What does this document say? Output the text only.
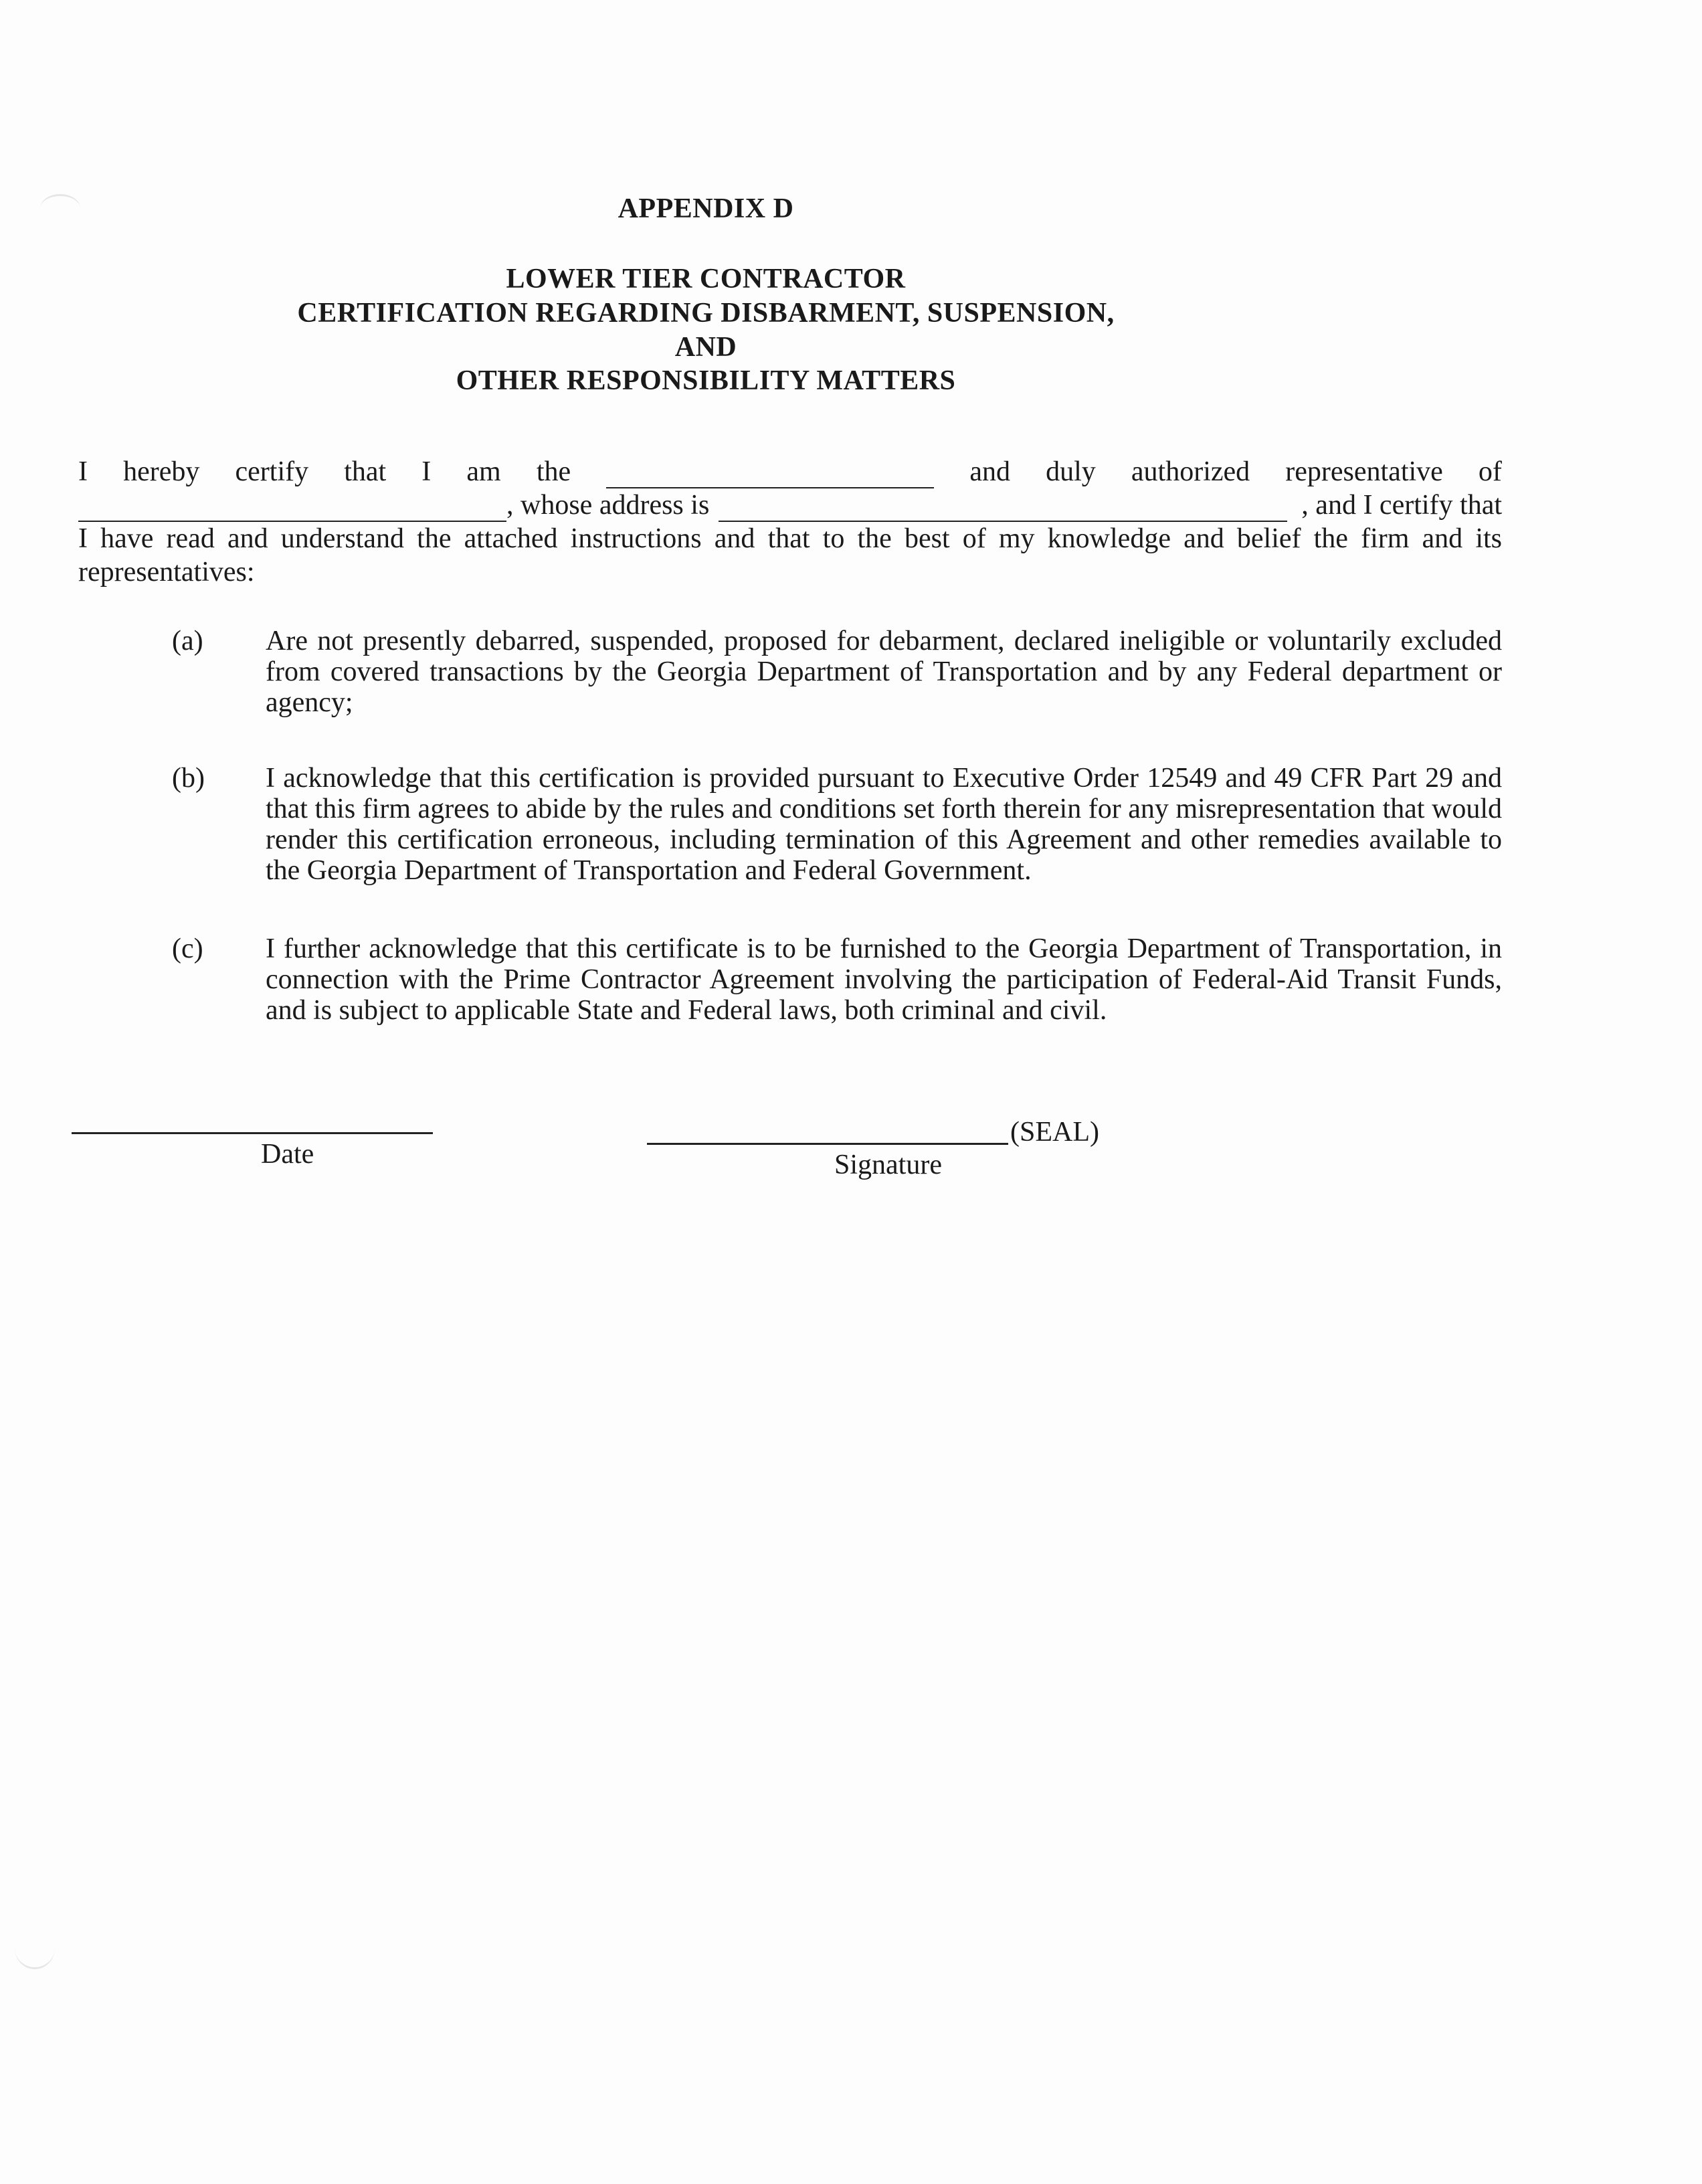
APPENDIX D
LOWER TIER CONTRACTOR
CERTIFICATION REGARDING DISBARMENT, SUSPENSION,
AND
OTHER RESPONSIBILITY MATTERS
I hereby certify that I am the	and duly authorized representative of
, whose address is	, and I certify that
I have read and understand the attached instructions and that to the best of my knowledge and belief the firm and its
representatives:
(a) Are not presently debarred, suspended, proposed for debarment, declared ineligible or voluntarily excluded from covered transactions by the Georgia Department of Transportation and by any Federal department or agency;
(b) I acknowledge that this certification is provided pursuant to Executive Order 12549 and 49 CFR Part 29 and that this firm agrees to abide by the rules and conditions set forth therein for any misrepresentation that would render this certification erroneous, including termination of this Agreement and other remedies available to the Georgia Department of Transportation and Federal Government.
(c) I further acknowledge that this certificate is to be furnished to the Georgia Department of Transportation, in connection with the Prime Contractor Agreement involving the participation of Federal-Aid Transit Funds, and is subject to applicable State and Federal laws, both criminal and civil.
Date
(SEAL)
Signature
